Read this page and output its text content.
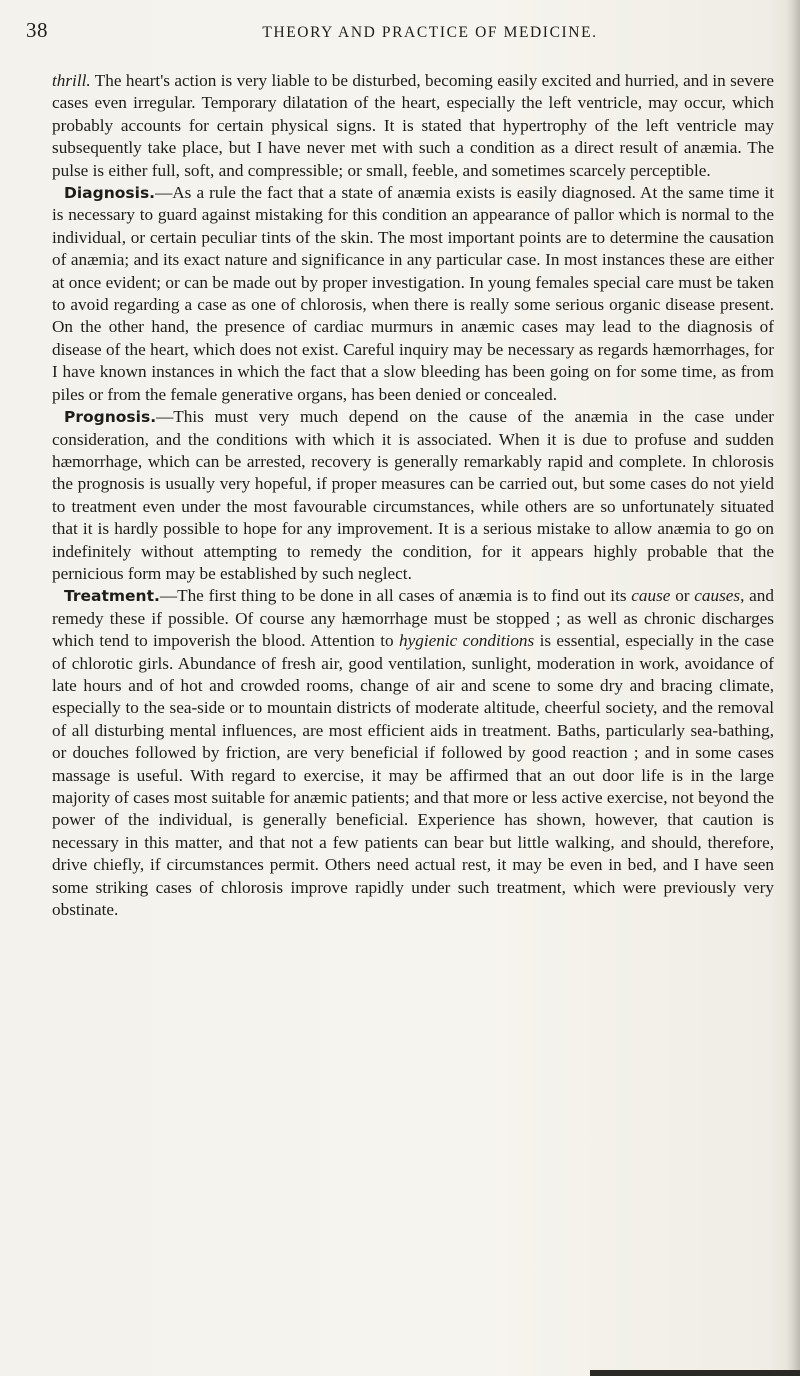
38	THEORY AND PRACTICE OF MEDICINE.

thrill. The heart's action is very liable to be disturbed, becoming easily excited and hurried, and in severe cases even irregular. Temporary dilatation of the heart, especially the left ventricle, may occur, which probably accounts for certain physical signs. It is stated that hypertrophy of the left ventricle may subsequently take place, but I have never met with such a condition as a direct result of anæmia. The pulse is either full, soft, and compressible; or small, feeble, and sometimes scarcely perceptible.

Diagnosis.—As a rule the fact that a state of anæmia exists is easily diagnosed. At the same time it is necessary to guard against mistaking for this condition an appearance of pallor which is normal to the individual, or certain peculiar tints of the skin. The most important points are to determine the causation of anæmia; and its exact nature and significance in any particular case. In most instances these are either at once evident; or can be made out by proper investigation. In young females special care must be taken to avoid regarding a case as one of chlorosis, when there is really some serious organic disease present. On the other hand, the presence of cardiac murmurs in anæmic cases may lead to the diagnosis of disease of the heart, which does not exist. Careful inquiry may be necessary as regards hæmorrhages, for I have known instances in which the fact that a slow bleeding has been going on for some time, as from piles or from the female generative organs, has been denied or concealed.

Prognosis.—This must very much depend on the cause of the anæmia in the case under consideration, and the conditions with which it is associated. When it is due to profuse and sudden hæmorrhage, which can be arrested, recovery is generally remarkably rapid and complete. In chlorosis the prognosis is usually very hopeful, if proper measures can be carried out, but some cases do not yield to treatment even under the most favourable circumstances, while others are so unfortunately situated that it is hardly possible to hope for any improvement. It is a serious mistake to allow anæmia to go on indefinitely without attempting to remedy the condition, for it appears highly probable that the pernicious form may be established by such neglect.

Treatment.—The first thing to be done in all cases of anæmia is to find out its cause or causes, and remedy these if possible. Of course any hæmorrhage must be stopped ; as well as chronic discharges which tend to impoverish the blood. Attention to hygienic conditions is essential, especially in the case of chlorotic girls. Abundance of fresh air, good ventilation, sunlight, moderation in work, avoidance of late hours and of hot and crowded rooms, change of air and scene to some dry and bracing climate, especially to the sea-side or to mountain districts of moderate altitude, cheerful society, and the removal of all disturbing mental influences, are most efficient aids in treatment. Baths, particularly sea-bathing, or douches followed by friction, are very beneficial if followed by good reaction ; and in some cases massage is useful. With regard to exercise, it may be affirmed that an out door life is in the large majority of cases most suitable for anæmic patients; and that more or less active exercise, not beyond the power of the individual, is generally beneficial. Experience has shown, however, that caution is necessary in this matter, and that not a few patients can bear but little walking, and should, therefore, drive chiefly, if circumstances permit. Others need actual rest, it may be even in bed, and I have seen some striking cases of chlorosis improve rapidly under such treatment, which were previously very obstinate.
